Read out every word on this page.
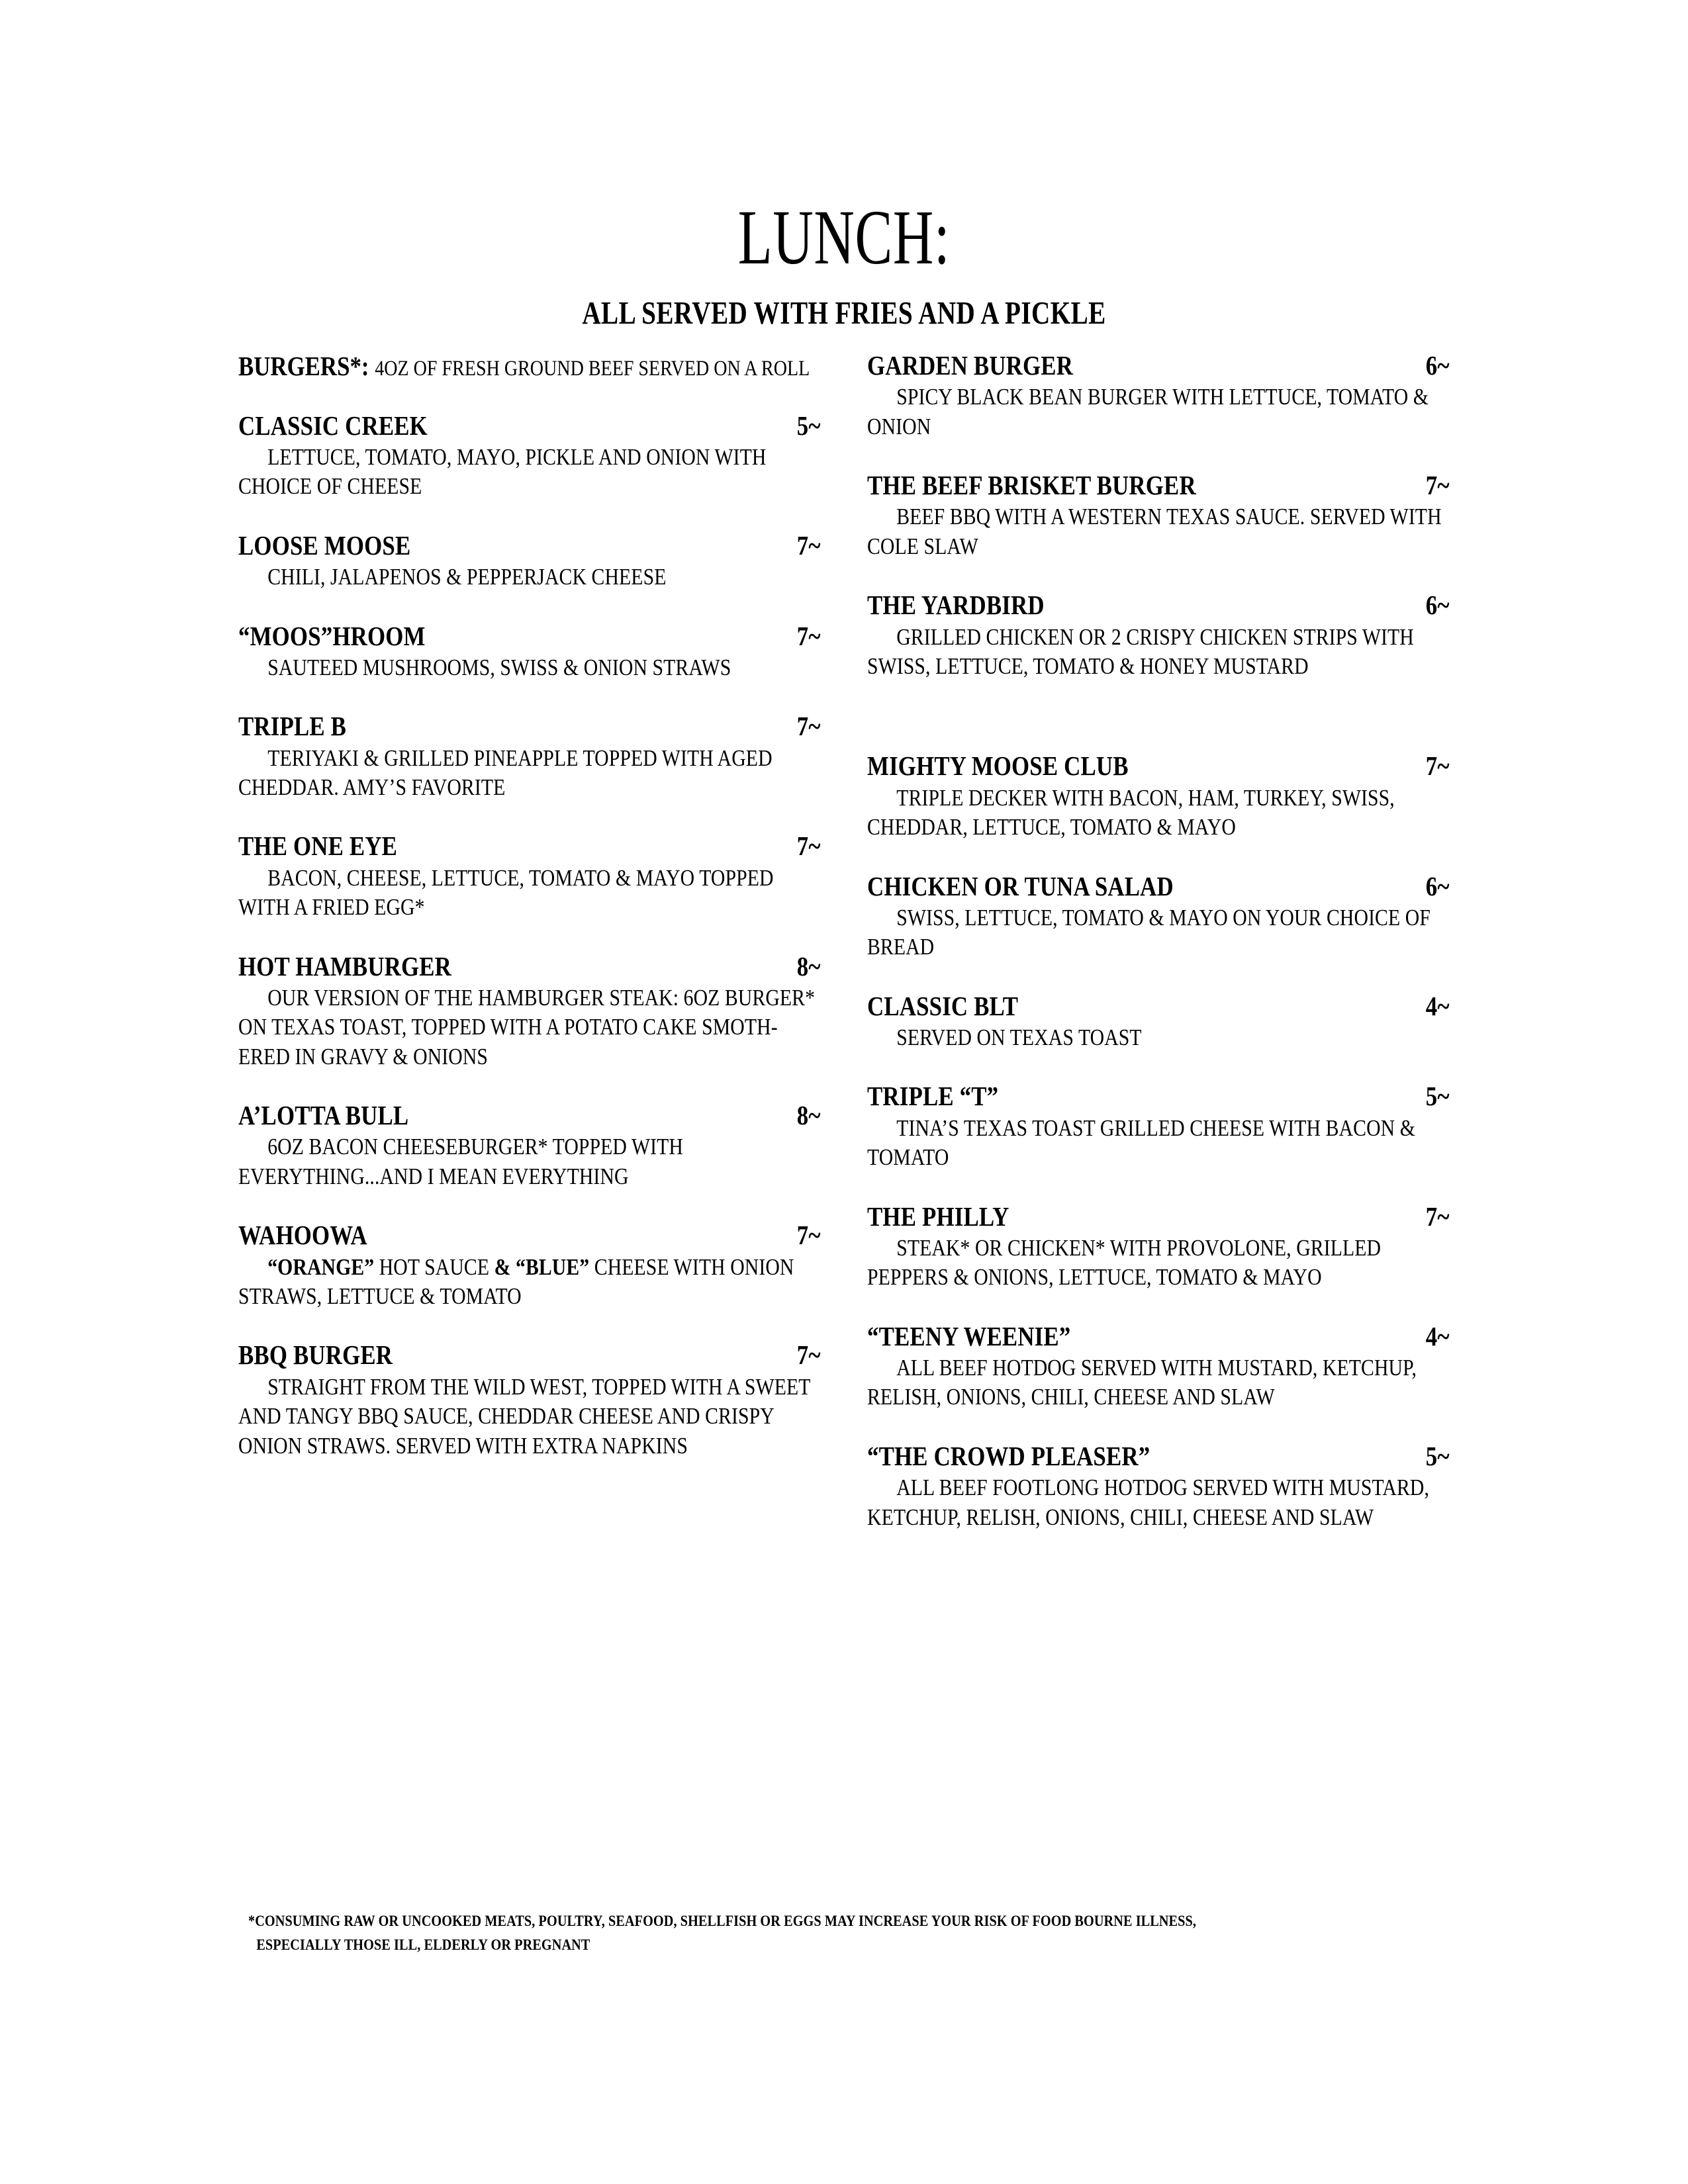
LUNCH:
ALL SERVED WITH FRIES AND A PICKLE
BURGERS*: 4OZ OF FRESH GROUND BEEF SERVED ON A ROLL
CLASSIC CREEK	5~
LETTUCE, TOMATO, MAYO, PICKLE AND ONION WITH CHOICE OF CHEESE
LOOSE MOOSE	7~
CHILI, JALAPENOS & PEPPERJACK CHEESE
“MOOS”HROOM	7~
SAUTEED MUSHROOMS, SWISS & ONION STRAWS
TRIPLE B	7~
TERIYAKI & GRILLED PINEAPPLE TOPPED WITH AGED CHEDDAR. AMY’S FAVORITE
THE ONE EYE	7~
BACON, CHEESE, LETTUCE, TOMATO & MAYO TOPPED WITH A FRIED EGG*
HOT HAMBURGER	8~
OUR VERSION OF THE HAMBURGER STEAK: 6OZ BURGER* ON TEXAS TOAST, TOPPED WITH A POTATO CAKE SMOTH-ERED IN GRAVY & ONIONS
A’LOTTA BULL	8~
6OZ BACON CHEESEBURGER* TOPPED WITH EVERYTHING...AND I MEAN EVERYTHING
WAHOOWA	7~
“ORANGE” HOT SAUCE & “BLUE” CHEESE WITH ONION STRAWS, LETTUCE & TOMATO
BBQ BURGER	7~
STRAIGHT FROM THE WILD WEST, TOPPED WITH A SWEET AND TANGY BBQ SAUCE, CHEDDAR CHEESE AND CRISPY ONION STRAWS. SERVED WITH EXTRA NAPKINS
GARDEN BURGER	6~
SPICY BLACK BEAN BURGER WITH LETTUCE, TOMATO & ONION
THE BEEF BRISKET BURGER	7~
BEEF BBQ WITH A WESTERN TEXAS SAUCE. SERVED WITH COLE SLAW
THE YARDBIRD	6~
GRILLED CHICKEN OR 2 CRISPY CHICKEN STRIPS WITH SWISS, LETTUCE, TOMATO & HONEY MUSTARD
MIGHTY MOOSE CLUB	7~
TRIPLE DECKER WITH BACON, HAM, TURKEY, SWISS, CHEDDAR, LETTUCE, TOMATO & MAYO
CHICKEN OR TUNA SALAD	6~
SWISS, LETTUCE, TOMATO & MAYO ON YOUR CHOICE OF BREAD
CLASSIC BLT	4~
SERVED ON TEXAS TOAST
TRIPLE “T”	5~
TINA’S TEXAS TOAST GRILLED CHEESE WITH BACON & TOMATO
THE PHILLY	7~
STEAK* OR CHICKEN* WITH PROVOLONE, GRILLED PEPPERS & ONIONS, LETTUCE, TOMATO & MAYO
“TEENY WEENIE”	4~
ALL BEEF HOTDOG SERVED WITH MUSTARD, KETCHUP, RELISH, ONIONS, CHILI, CHEESE AND SLAW
“THE CROWD PLEASER”	5~
ALL BEEF FOOTLONG HOTDOG SERVED WITH MUSTARD, KETCHUP, RELISH, ONIONS, CHILI, CHEESE AND SLAW
*CONSUMING RAW OR UNCOOKED MEATS, POULTRY, SEAFOOD, SHELLFISH OR EGGS MAY INCREASE YOUR RISK OF FOOD BOURNE ILLNESS,
ESPECIALLY THOSE ILL, ELDERLY OR PREGNANT
